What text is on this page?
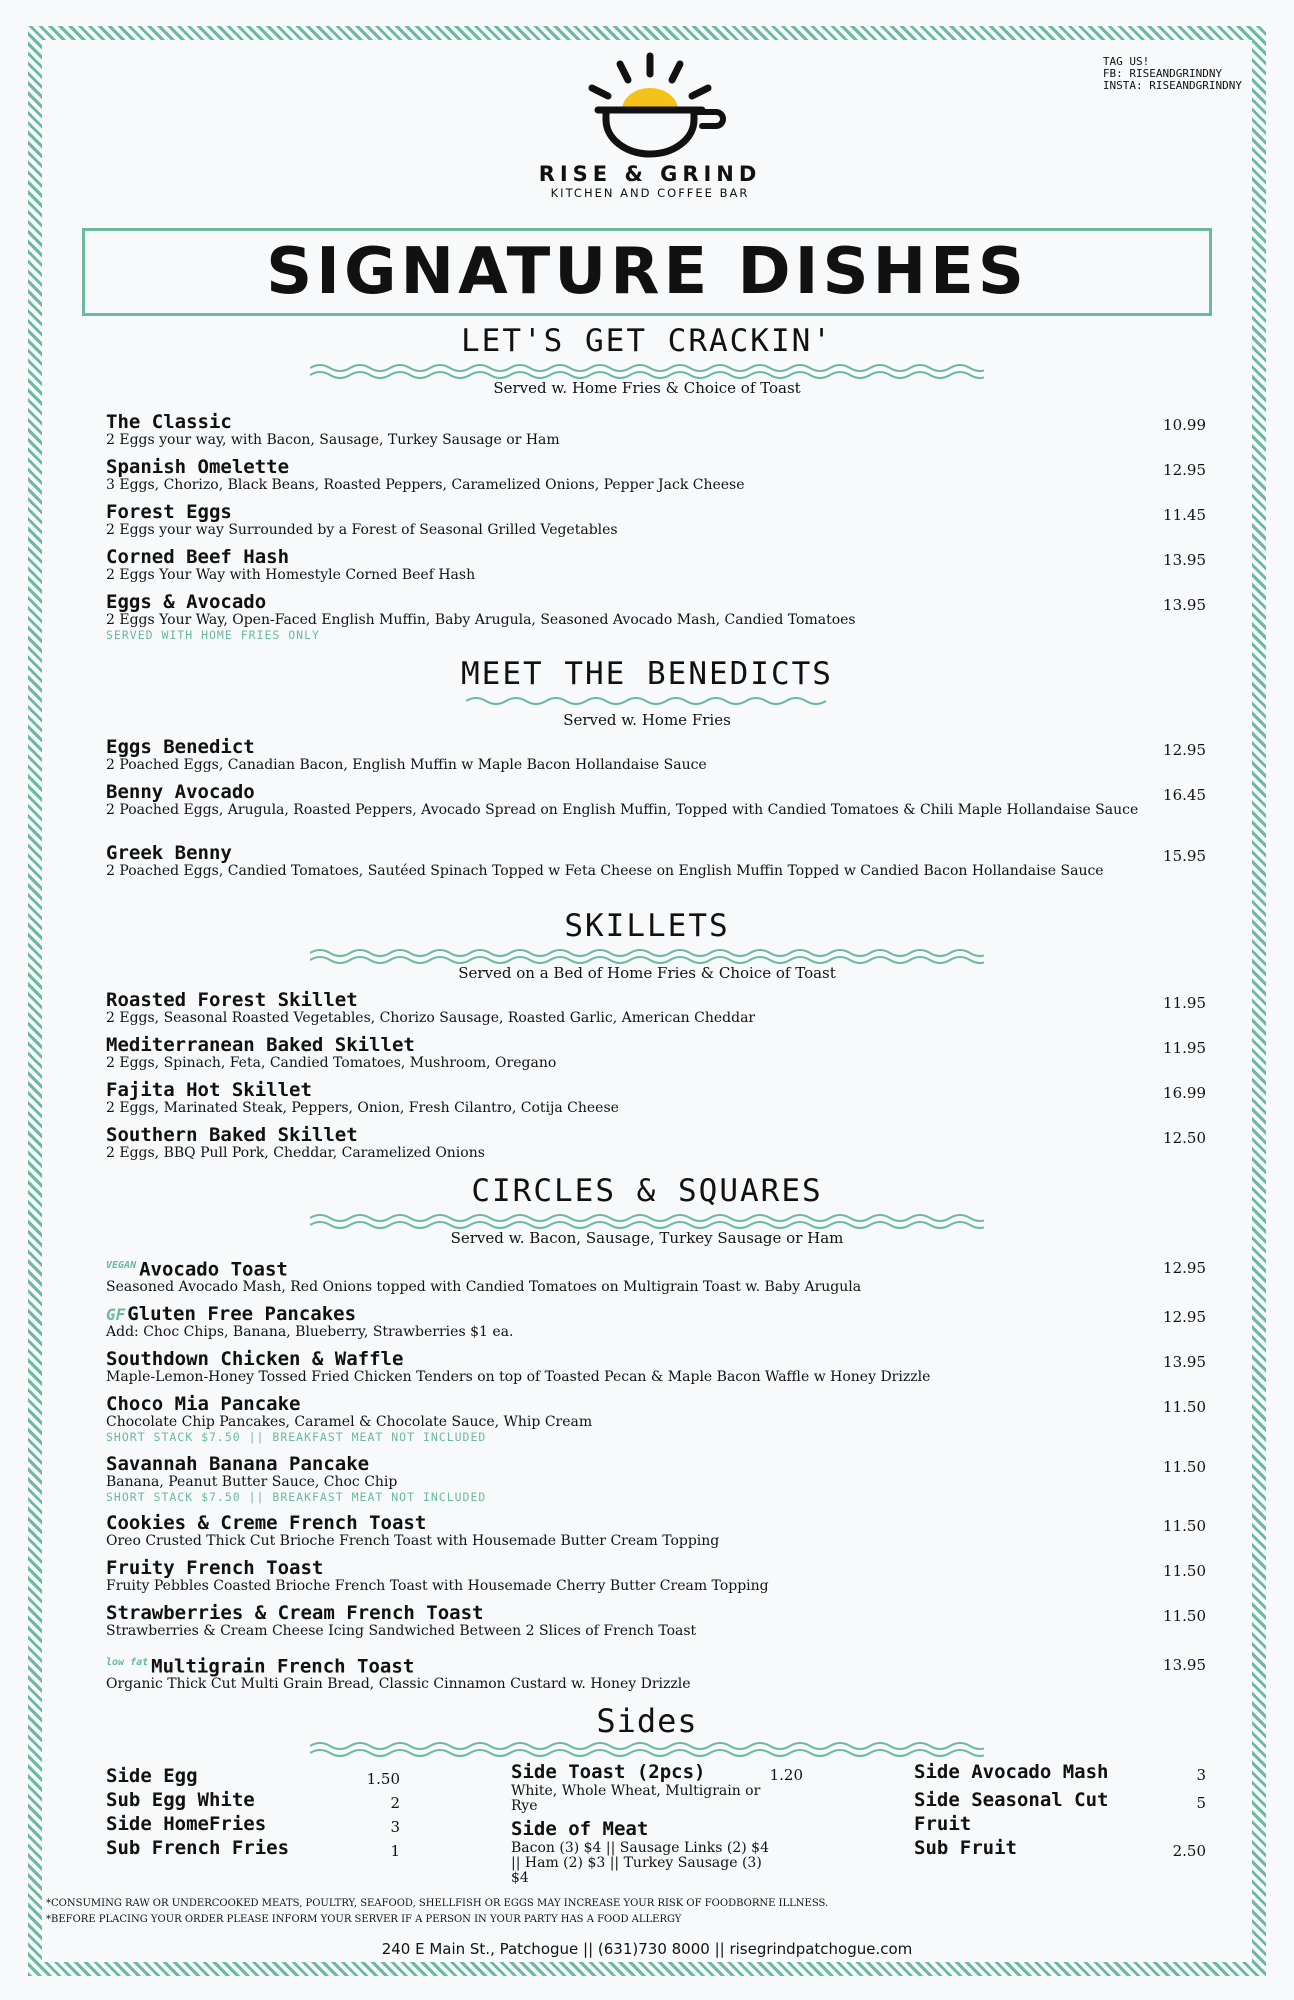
TAG US!
FB: RISEANDGRINDNY
INSTA: RISEANDGRINDNY
RISE & GRIND
KITCHEN AND COFFEE BAR
SIGNATURE DISHES
LET'S GET CRACKIN'
Served w. Home Fries & Choice of Toast
The Classic
2 Eggs your way, with Bacon, Sausage, Turkey Sausage or Ham
10.99
Spanish Omelette
3 Eggs, Chorizo, Black Beans, Roasted Peppers, Caramelized Onions, Pepper Jack Cheese
12.95
Forest Eggs
2 Eggs your way Surrounded by a Forest of Seasonal Grilled Vegetables
11.45
Corned Beef Hash
2 Eggs Your Way with Homestyle Corned Beef Hash
13.95
Eggs & Avocado
2 Eggs Your Way, Open-Faced English Muffin, Baby Arugula, Seasoned Avocado Mash, Candied Tomatoes
SERVED WITH HOME FRIES ONLY
13.95
MEET THE BENEDICTS
Served w. Home Fries
Eggs Benedict
2 Poached Eggs, Canadian Bacon, English Muffin w Maple Bacon Hollandaise Sauce
12.95
Benny Avocado
2 Poached Eggs, Arugula, Roasted Peppers, Avocado Spread on English Muffin, Topped with Candied Tomatoes & Chili Maple Hollandaise Sauce
16.45
Greek Benny
2 Poached Eggs, Candied Tomatoes, Sautéed Spinach Topped w Feta Cheese on English Muffin Topped w Candied Bacon Hollandaise Sauce
15.95
SKILLETS
Served on a Bed of Home Fries & Choice of Toast
Roasted Forest Skillet
2 Eggs, Seasonal Roasted Vegetables, Chorizo Sausage, Roasted Garlic, American Cheddar
11.95
Mediterranean Baked Skillet
2 Eggs, Spinach, Feta, Candied Tomatoes, Mushroom, Oregano
11.95
Fajita Hot Skillet
2 Eggs, Marinated Steak, Peppers, Onion, Fresh Cilantro, Cotija Cheese
16.99
Southern Baked Skillet
2 Eggs, BBQ Pull Pork, Cheddar, Caramelized Onions
12.50
CIRCLES & SQUARES
Served w. Bacon, Sausage, Turkey Sausage or Ham
$^{VEGAN}$ Avocado Toast
Seasoned Avocado Mash, Red Onions topped with Candied Tomatoes on Multigrain Toast w. Baby Arugula
12.95
GF Gluten Free Pancakes
Add: Choc Chips, Banana, Blueberry, Strawberries $1 ea.
12.95
Southdown Chicken & Waffle
Maple-Lemon-Honey Tossed Fried Chicken Tenders on top of Toasted Pecan & Maple Bacon Waffle w Honey Drizzle
13.95
Choco Mia Pancake
Chocolate Chip Pancakes, Caramel & Chocolate Sauce, Whip Cream
SHORT STACK $7.50 || BREAKFAST MEAT NOT INCLUDED
11.50
Savannah Banana Pancake
Banana, Peanut Butter Sauce, Choc Chip
SHORT STACK $7.50 || BREAKFAST MEAT NOT INCLUDED
11.50
Cookies & Creme French Toast
Oreo Crusted Thick Cut Brioche French Toast with Housemade Butter Cream Topping
11.50
Fruity French Toast
Fruity Pebbles Coasted Brioche French Toast with Housemade Cherry Butter Cream Topping
11.50
Strawberries & Cream French Toast
Strawberries & Cream Cheese Icing Sandwiched Between 2 Slices of French Toast
11.50
$^{low fat}$ Multigrain French Toast
Organic Thick Cut Multi Grain Bread, Classic Cinnamon Custard w. Honey Drizzle
13.95
Sides
Side Egg	1.50
Sub Egg White	2
Side HomeFries	3
Sub French Fries	1
Side Toast (2pcs)	1.20
White, Whole Wheat, Multigrain or Rye
Side of Meat
Bacon (3) $4 || Sausage Links (2) $4 || Ham (2) $3 || Turkey Sausage (3) $4
Side Avocado Mash	3
Side Seasonal Cut Fruit
5
Sub Fruit	2.50
*CONSUMING RAW OR UNDERCOOKED MEATS, POULTRY, SEAFOOD, SHELLFISH OR EGGS MAY INCREASE YOUR RISK OF FOODBORNE ILLNESS.
*BEFORE PLACING YOUR ORDER PLEASE INFORM YOUR SERVER IF A PERSON IN YOUR PARTY HAS A FOOD ALLERGY
240 E Main St., Patchogue || (631)730 8000 || risegrindpatchogue.com
